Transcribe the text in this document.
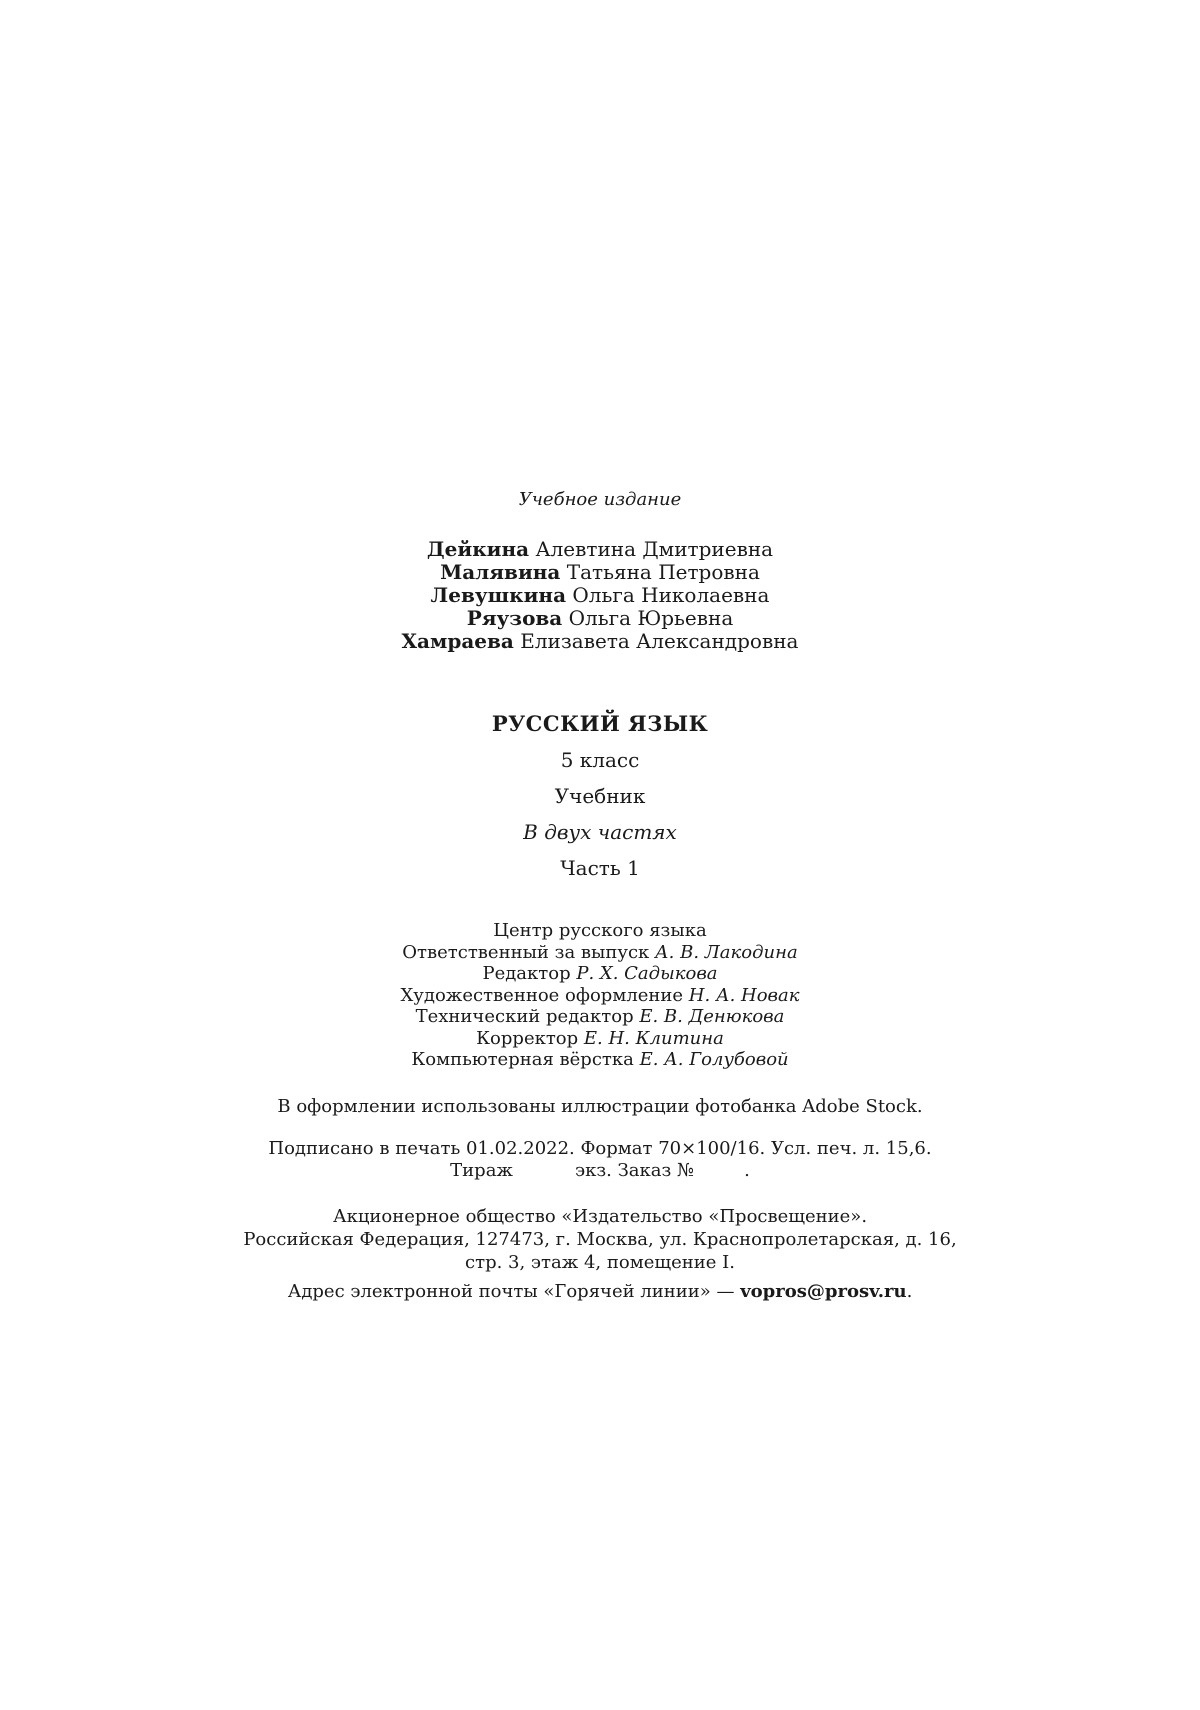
Учебное издание
Дейкина Алевтина Дмитриевна
Малявина Татьяна Петровна
Левушкина Ольга Николаевна
Ряузова Ольга Юрьевна
Хамраева Елизавета Александровна
РУССКИЙ ЯЗЫК
5 класс
Учебник
В двух частях
Часть 1
Центр русского языка
Ответственный за выпуск А. В. Лакодина
Редактор Р. Х. Садыкова
Художественное оформление Н. А. Новак
Технический редактор Е. В. Денюкова
Корректор Е. Н. Клитина
Компьютерная вёрстка Е. А. Голубовой
В оформлении использованы иллюстрации фотобанка Adobe Stock.
Подписано в печать 01.02.2022. Формат 70×100/16. Усл. печ. л. 15,6.
Тираж	экз. Заказ №	.
Акционерное общество «Издательство «Просвещение».
Российская Федерация, 127473, г. Москва, ул. Краснопролетарская, д. 16,
стр. 3, этаж 4, помещение I.
Адрес электронной почты «Горячей линии» — vopros@prosv.ru.
